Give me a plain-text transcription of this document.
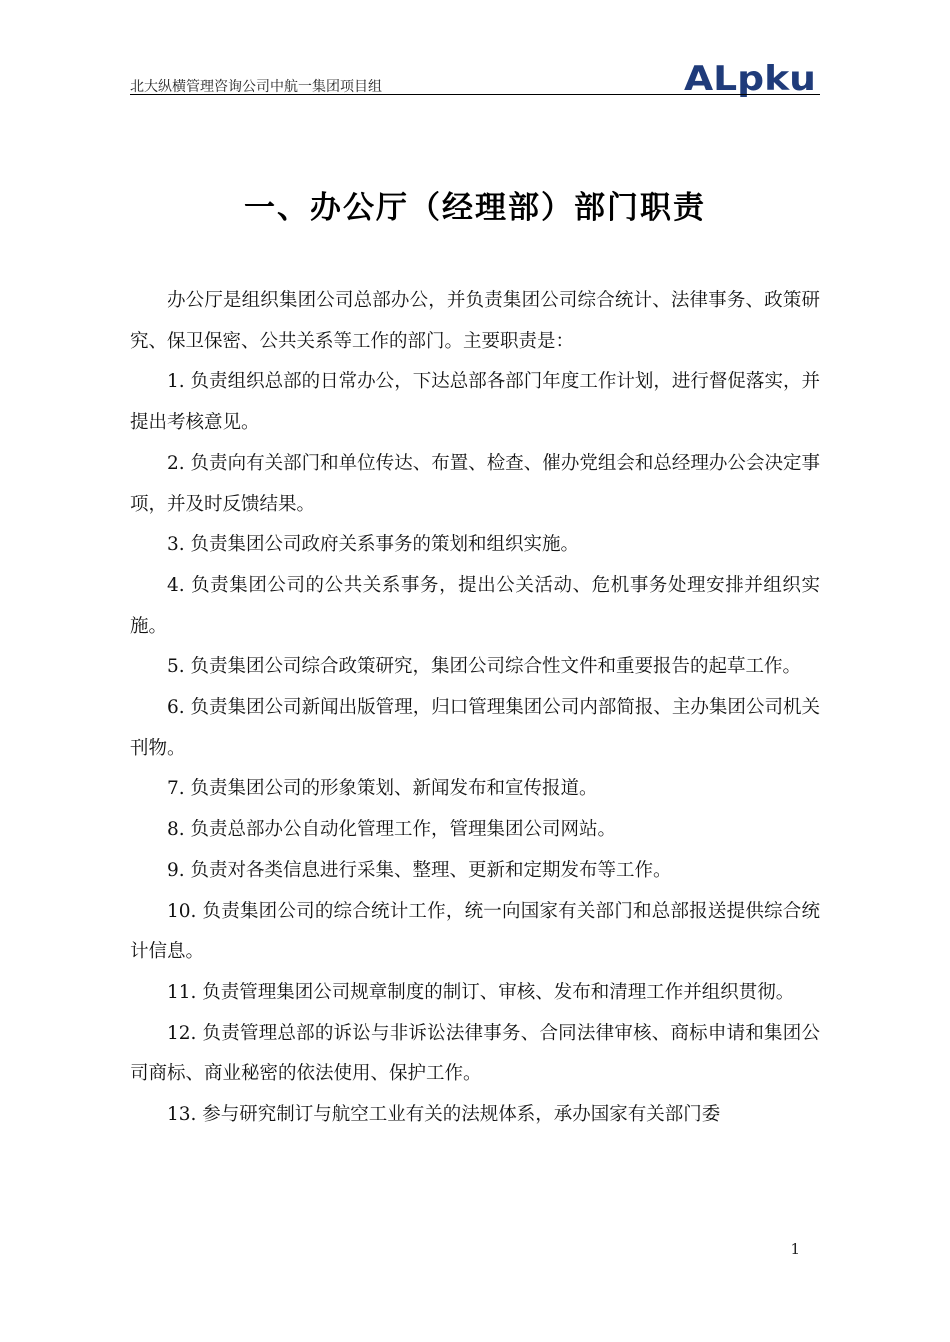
北大纵横管理咨询公司中航一集团项目组	ALpku
一、办公厅（经理部）部门职责

办公厅是组织集团公司总部办公，并负责集团公司综合统计、法律事务、政策研究、保卫保密、公共关系等工作的部门。主要职责是：

1. 负责组织总部的日常办公，下达总部各部门年度工作计划，进行督促落实，并提出考核意见。

2. 负责向有关部门和单位传达、布置、检查、催办党组会和总经理办公会决定事项，并及时反馈结果。

3. 负责集团公司政府关系事务的策划和组织实施。

4. 负责集团公司的公共关系事务，提出公关活动、危机事务处理安排并组织实施。

5. 负责集团公司综合政策研究，集团公司综合性文件和重要报告的起草工作。

6. 负责集团公司新闻出版管理，归口管理集团公司内部简报、主办集团公司机关刊物。

7. 负责集团公司的形象策划、新闻发布和宣传报道。

8. 负责总部办公自动化管理工作，管理集团公司网站。

9. 负责对各类信息进行采集、整理、更新和定期发布等工作。

10. 负责集团公司的综合统计工作，统一向国家有关部门和总部报送提供综合统计信息。

11. 负责管理集团公司规章制度的制订、审核、发布和清理工作并组织贯彻。

12. 负责管理总部的诉讼与非诉讼法律事务、合同法律审核、商标申请和集团公司商标、商业秘密的依法使用、保护工作。

13. 参与研究制订与航空工业有关的法规体系，承办国家有关部门委

1
